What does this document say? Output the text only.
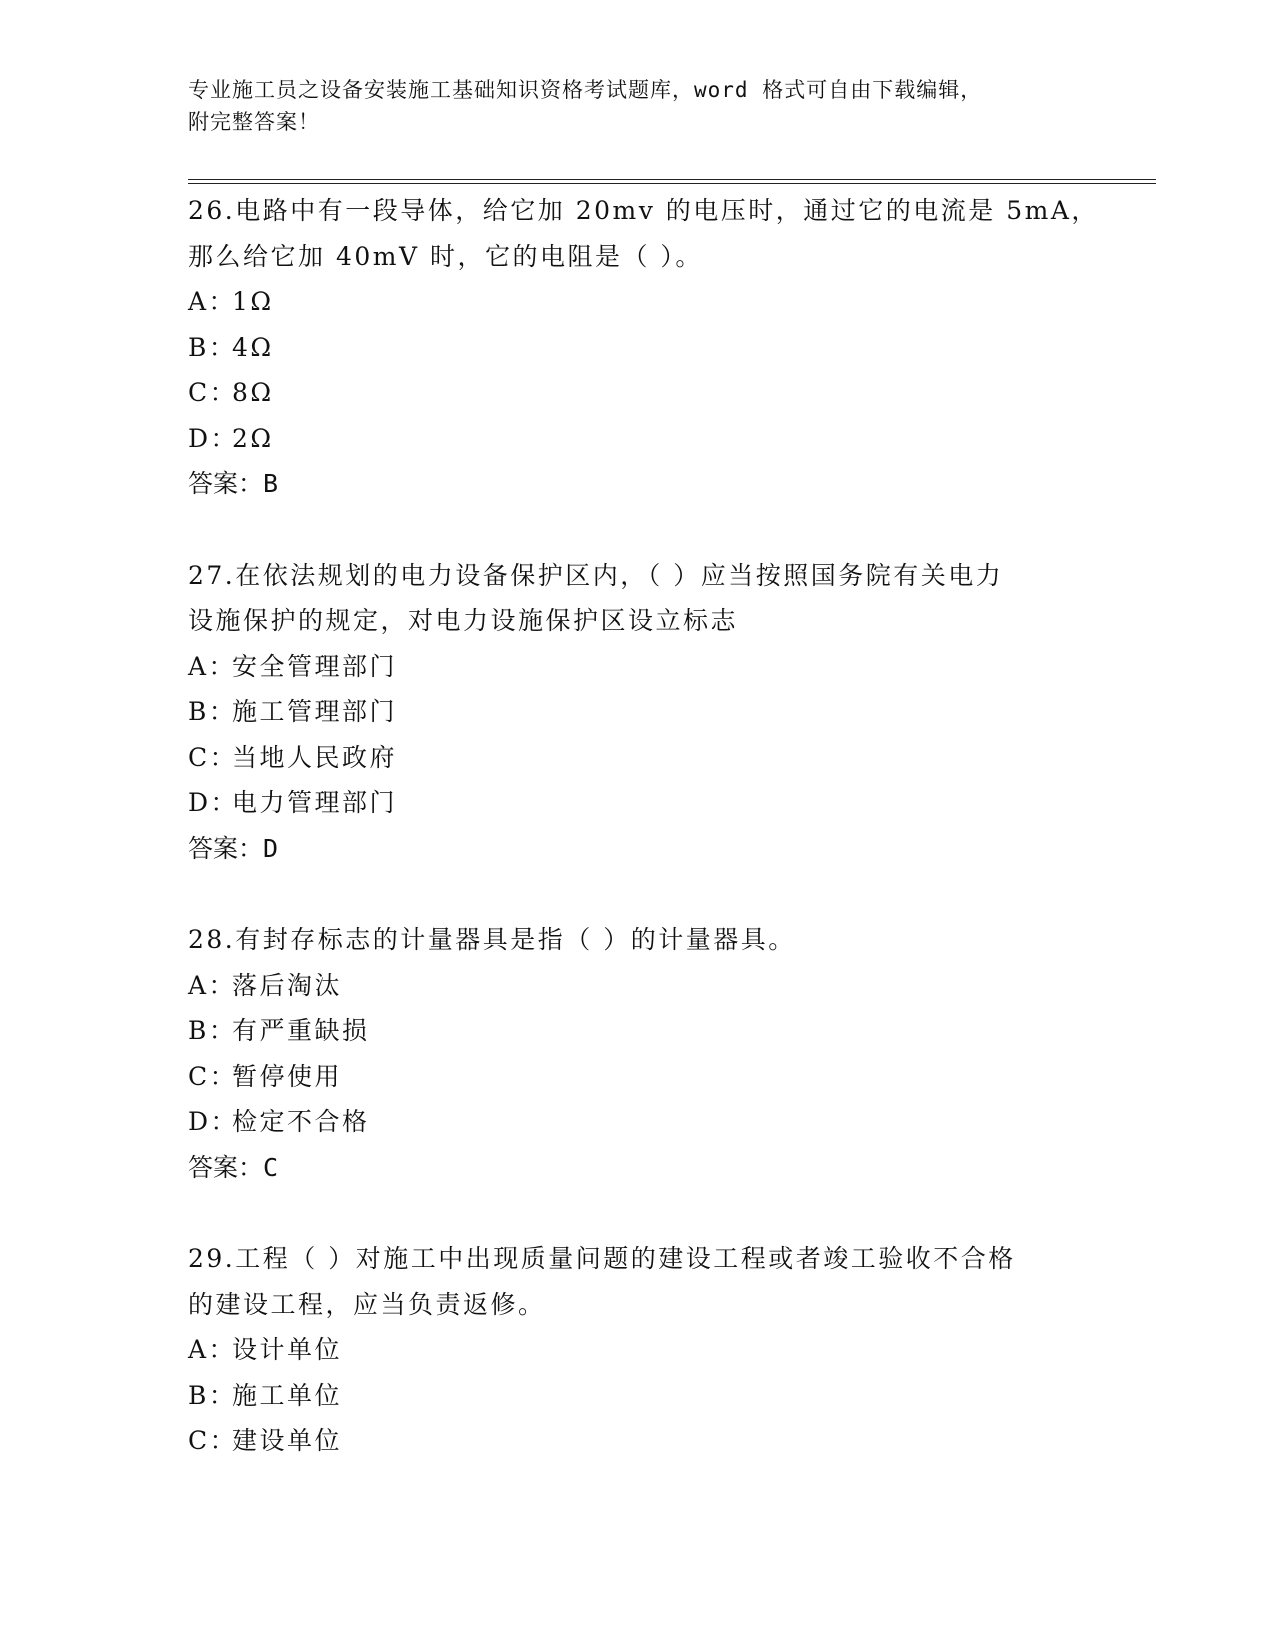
专业施工员之设备安装施工基础知识资格考试题库，word 格式可自由下载编辑，
附完整答案！
26.电路中有一段导体，给它加 20mv 的电压时，通过它的电流是 5mA，
那么给它加 40mV 时，它的电阻是（ ）。
A：1Ω
B：4Ω
C：8Ω
D：2Ω
答案：B
27.在依法规划的电力设备保护区内，（ ）应当按照国务院有关电力
设施保护的规定，对电力设施保护区设立标志
A：安全管理部门
B：施工管理部门
C：当地人民政府
D：电力管理部门
答案：D
28.有封存标志的计量器具是指（ ）的计量器具。
A：落后淘汰
B：有严重缺损
C：暂停使用
D：检定不合格
答案：C
29.工程（ ）对施工中出现质量问题的建设工程或者竣工验收不合格
的建设工程，应当负责返修。
A：设计单位
B：施工单位
C：建设单位
